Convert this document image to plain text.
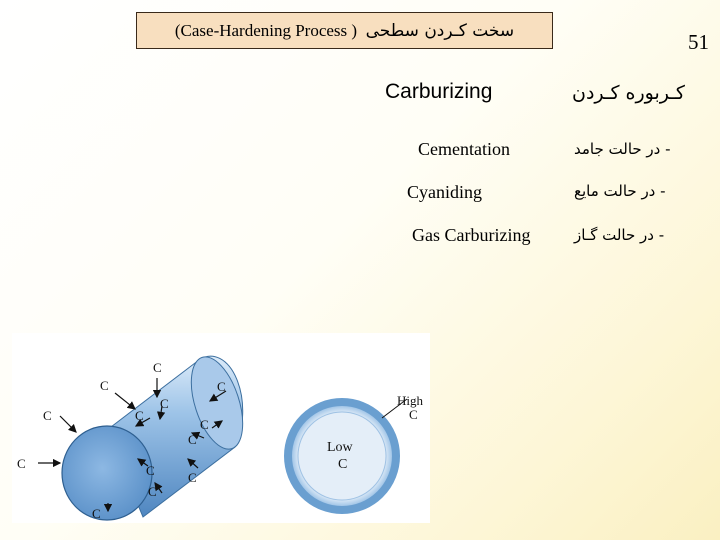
(Case-Hardening Process )
سخت کـردن سطحی	51
Carburizing	کـربوره کـردن
Cementation	- در حالت جامد
Cyaniding	- در حالت مایع
Gas Carburizing	- در حالت گـاز
C
C	C
C
C	C
C
C
C	C	C
C
C
High
C
Low
C
